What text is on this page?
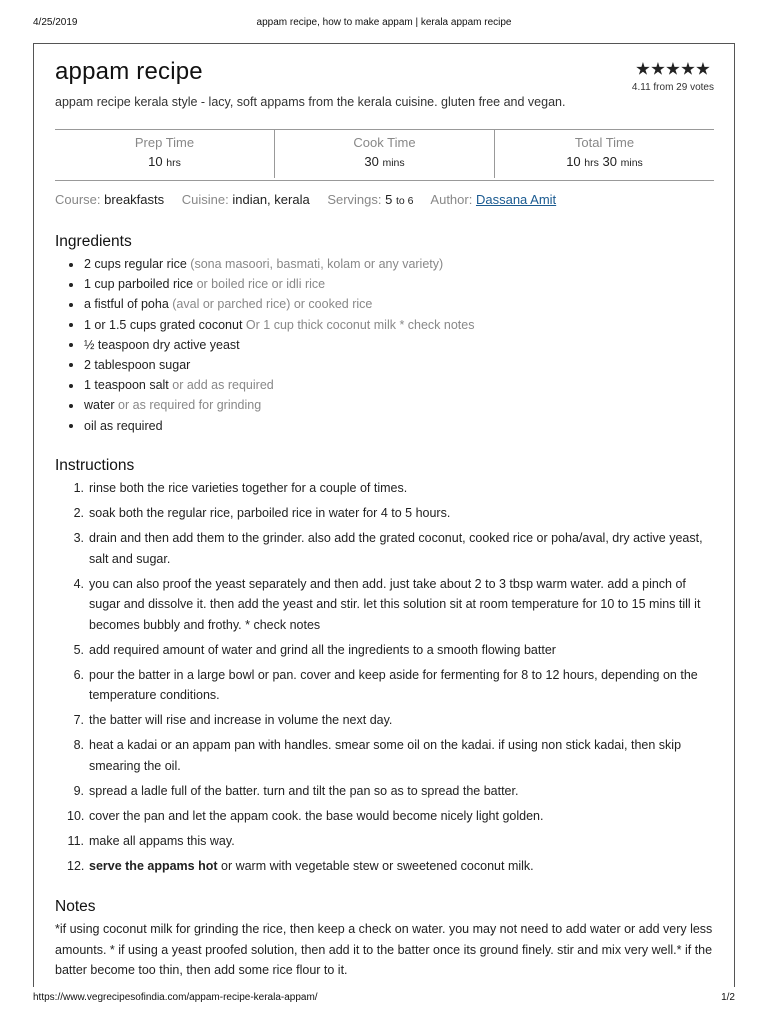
4/25/2019	appam recipe, how to make appam | kerala appam recipe
appam recipe

appam recipe kerala style - lacy, soft appams from the kerala cuisine. gluten free and vegan.

4.11 from 29 votes
Prep Time
10 hrs
Cook Time
30 mins
Total Time
10 hrs 30 mins
Course: breakfasts Cuisine: indian, kerala Servings: 5 to 6 Author: Dassana Amit
Ingredients
2 cups regular rice (sona masoori, basmati, kolam or any variety)
1 cup parboiled rice or boiled rice or idli rice
a fistful of poha (aval or parched rice) or cooked rice
1 or 1.5 cups grated coconut Or 1 cup thick coconut milk * check notes
½ teaspoon dry active yeast
2 tablespoon sugar
1 teaspoon salt or add as required
water or as required for grinding
oil as required
Instructions
1. rinse both the rice varieties together for a couple of times.
2. soak both the regular rice, parboiled rice in water for 4 to 5 hours.
3. drain and then add them to the grinder. also add the grated coconut, cooked rice or poha/aval, dry active yeast, salt and sugar.
4. you can also proof the yeast separately and then add. just take about 2 to 3 tbsp warm water. add a pinch of sugar and dissolve it. then add the yeast and stir. let this solution sit at room temperature for 10 to 15 mins till it becomes bubbly and frothy. * check notes
5. add required amount of water and grind all the ingredients to a smooth flowing batter
6. pour the batter in a large bowl or pan. cover and keep aside for fermenting for 8 to 12 hours, depending on the temperature conditions.
7. the batter will rise and increase in volume the next day.
8. heat a kadai or an appam pan with handles. smear some oil on the kadai. if using non stick kadai, then skip smearing the oil.
9. spread a ladle full of the batter. turn and tilt the pan so as to spread the batter.
10. cover the pan and let the appam cook. the base would become nicely light golden.
11. make all appams this way.
12. serve the appams hot or warm with vegetable stew or sweetened coconut milk.
Notes

*if using coconut milk for grinding the rice, then keep a check on water. you may not need to add water or add very less amounts. * if using a yeast proofed solution, then add it to the batter once its ground finely. stir and mix very well.* if the batter become too thin, then add some rice flour to it.

https://www.vegrecipesofindia.com/appam-recipe-kerala-appam/	1/2
